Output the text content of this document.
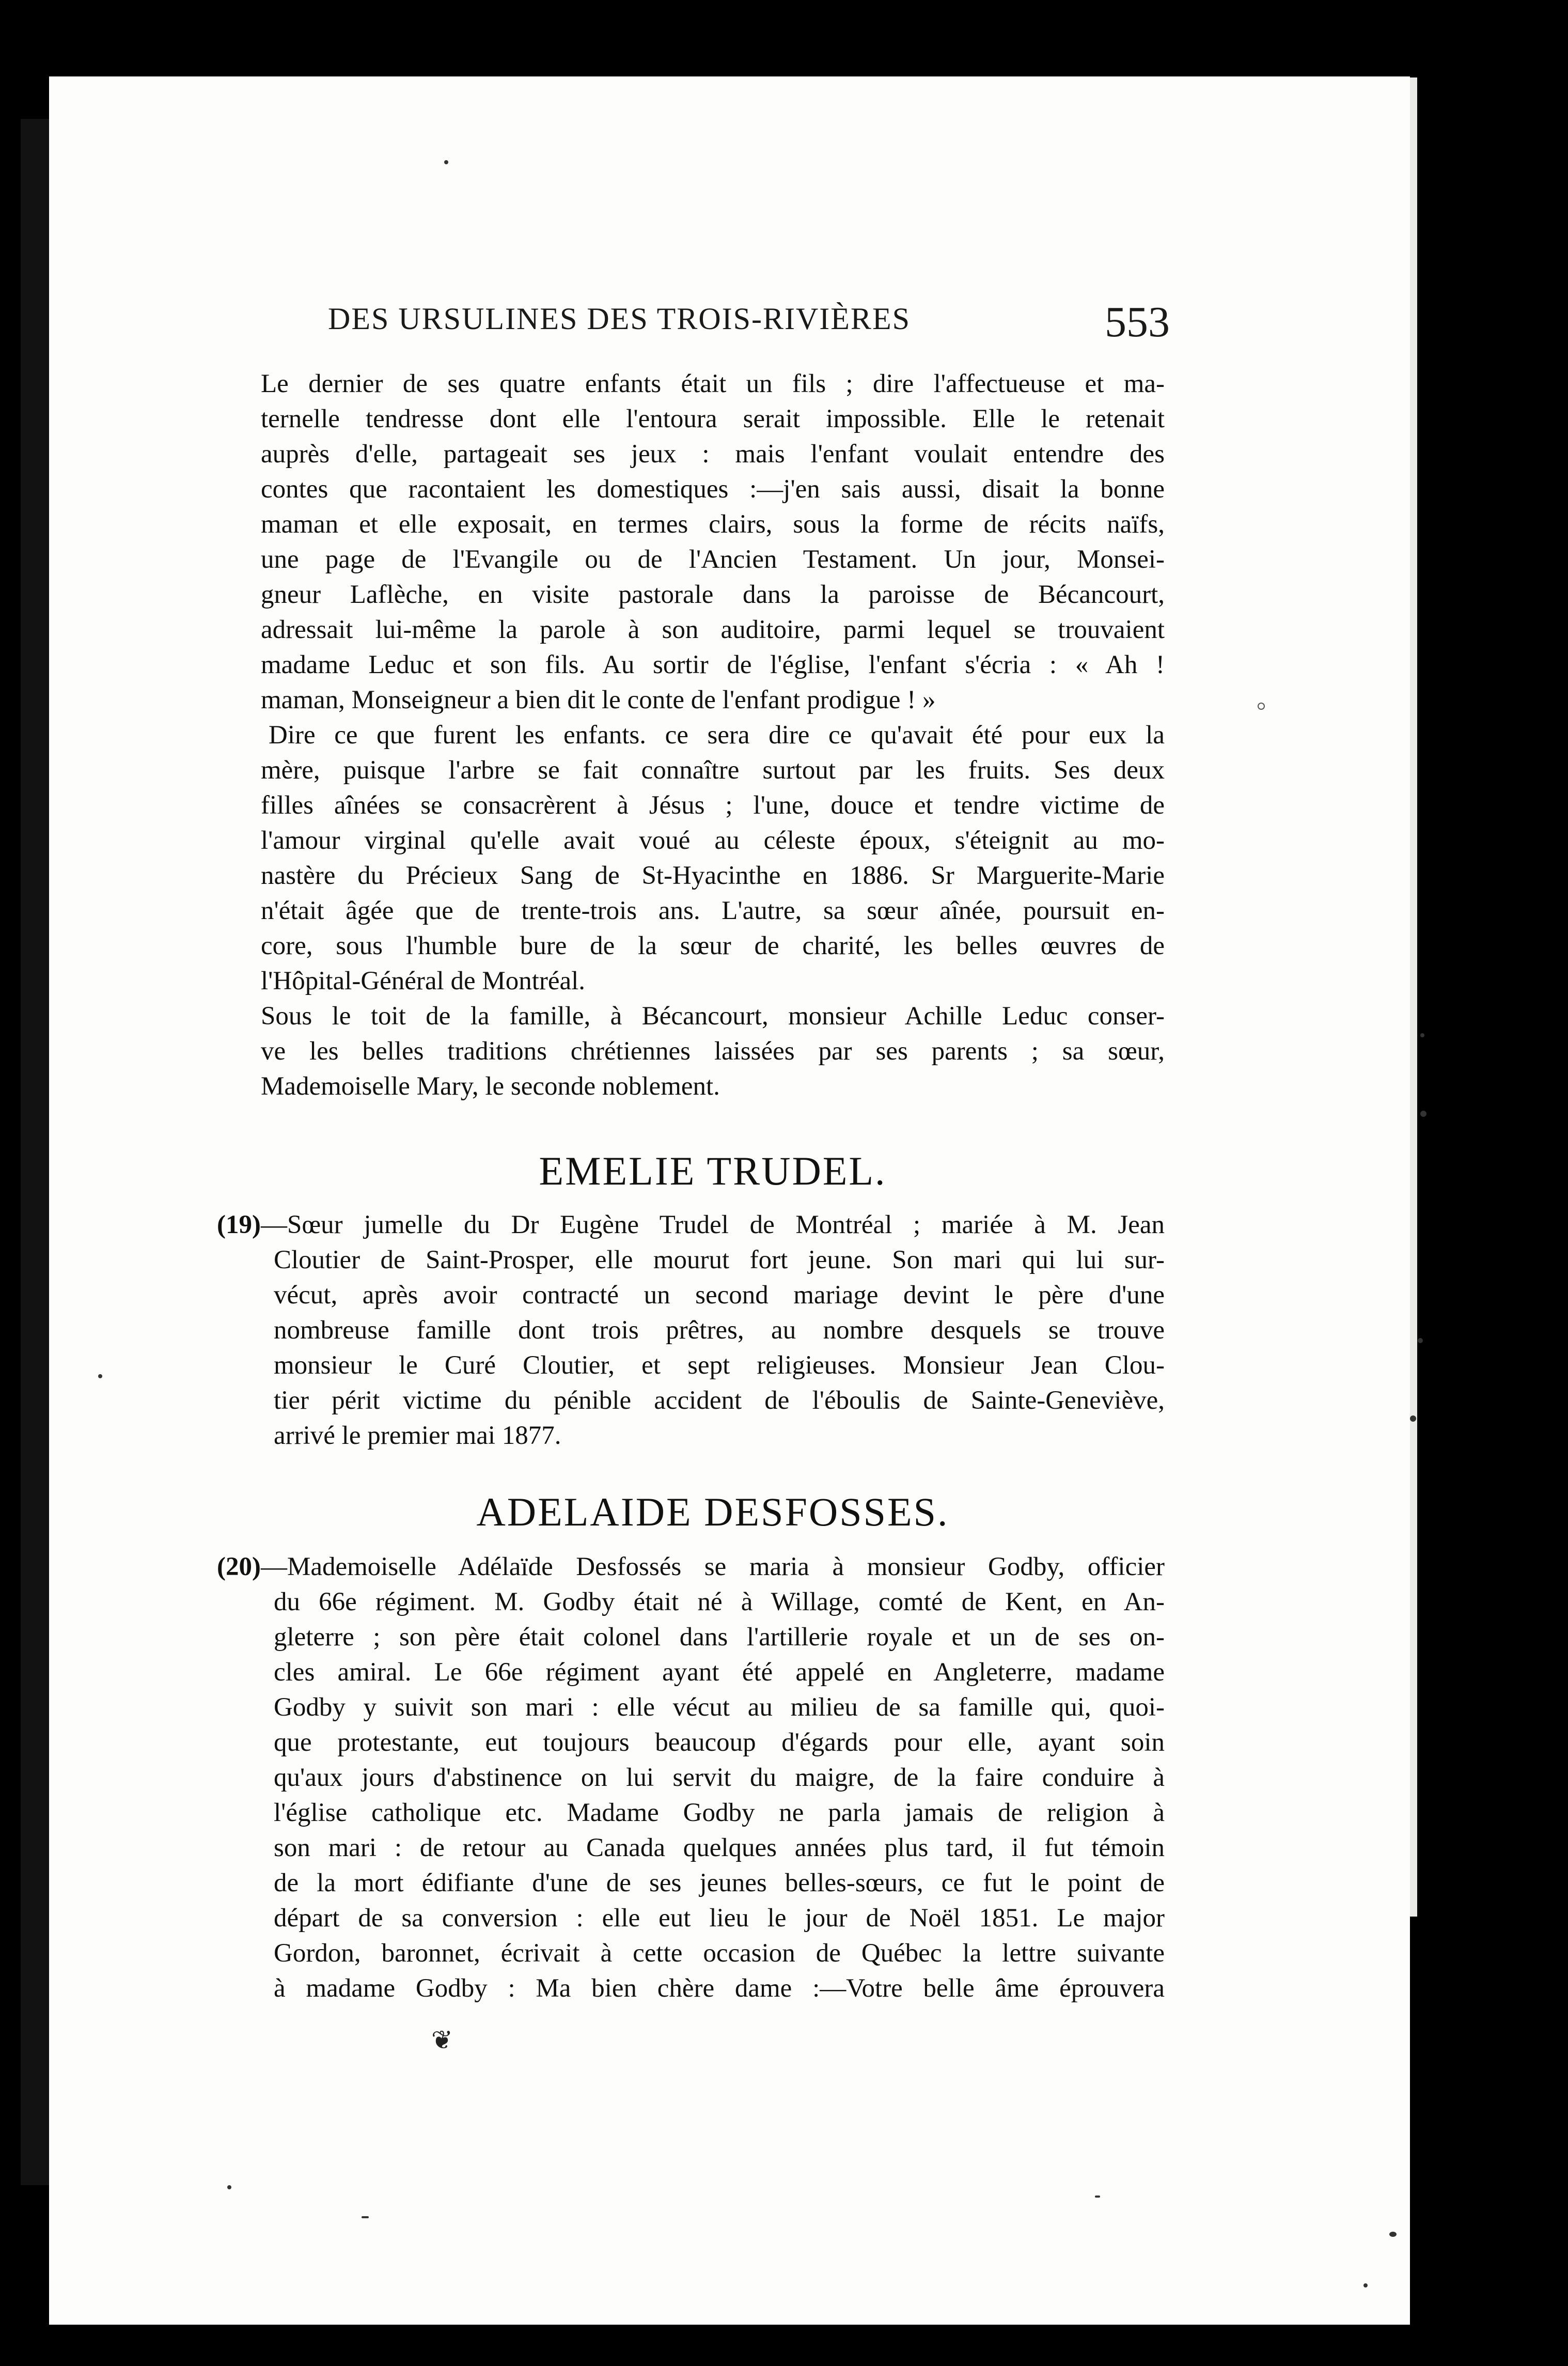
DES URSULINES DES TROIS-RIVIÈRES	553
Le dernier de ses quatre enfants était un fils ; dire l'affectueuse et ma-
ternelle tendresse dont elle l'entoura serait impossible. Elle le retenait
auprès d'elle, partageait ses jeux : mais l'enfant voulait entendre des
contes que racontaient les domestiques :—j'en sais aussi, disait la bonne
maman et elle exposait, en termes clairs, sous la forme de récits naïfs,
une page de l'Evangile ou de l'Ancien Testament. Un jour, Monsei-
gneur Laflèche, en visite pastorale dans la paroisse de Bécancourt,
adressait lui-même la parole à son auditoire, parmi lequel se trouvaient
madame Leduc et son fils. Au sortir de l'église, l'enfant s'écria : « Ah !
maman, Monseigneur a bien dit le conte de l'enfant prodigue ! »
Dire ce que furent les enfants. ce sera dire ce qu'avait été pour eux la
mère, puisque l'arbre se fait connaître surtout par les fruits. Ses deux
filles aînées se consacrèrent à Jésus ; l'une, douce et tendre victime de
l'amour virginal qu'elle avait voué au céleste époux, s'éteignit au mo-
nastère du Précieux Sang de St-Hyacinthe en 1886. Sr Marguerite-Marie
n'était âgée que de trente-trois ans. L'autre, sa sœur aînée, poursuit en-
core, sous l'humble bure de la sœur de charité, les belles œuvres de
l'Hôpital-Général de Montréal.
Sous le toit de la famille, à Bécancourt, monsieur Achille Leduc conser-
ve les belles traditions chrétiennes laissées par ses parents ; sa sœur,
Mademoiselle Mary, le seconde noblement.
EMELIE TRUDEL.
(19)—Sœur jumelle du Dr Eugène Trudel de Montréal ; mariée à M. Jean
Cloutier de Saint-Prosper, elle mourut fort jeune. Son mari qui lui sur-
vécut, après avoir contracté un second mariage devint le père d'une
nombreuse famille dont trois prêtres, au nombre desquels se trouve
monsieur le Curé Cloutier, et sept religieuses. Monsieur Jean Clou-
tier périt victime du pénible accident de l'éboulis de Sainte-Geneviève,
arrivé le premier mai 1877.
ADELAIDE DESFOSSES.
(20)—Mademoiselle Adélaïde Desfossés se maria à monsieur Godby, officier
du 66e régiment. M. Godby était né à Willage, comté de Kent, en An-
gleterre ; son père était colonel dans l'artillerie royale et un de ses on-
cles amiral. Le 66e régiment ayant été appelé en Angleterre, madame
Godby y suivit son mari : elle vécut au milieu de sa famille qui, quoi-
que protestante, eut toujours beaucoup d'égards pour elle, ayant soin
qu'aux jours d'abstinence on lui servit du maigre, de la faire conduire à
l'église catholique etc. Madame Godby ne parla jamais de religion à
son mari : de retour au Canada quelques années plus tard, il fut témoin
de la mort édifiante d'une de ses jeunes belles-sœurs, ce fut le point de
départ de sa conversion : elle eut lieu le jour de Noël 1851. Le major
Gordon, baronnet, écrivait à cette occasion de Québec la lettre suivante
à madame Godby : Ma bien chère dame :—Votre belle âme éprouvera
❦
